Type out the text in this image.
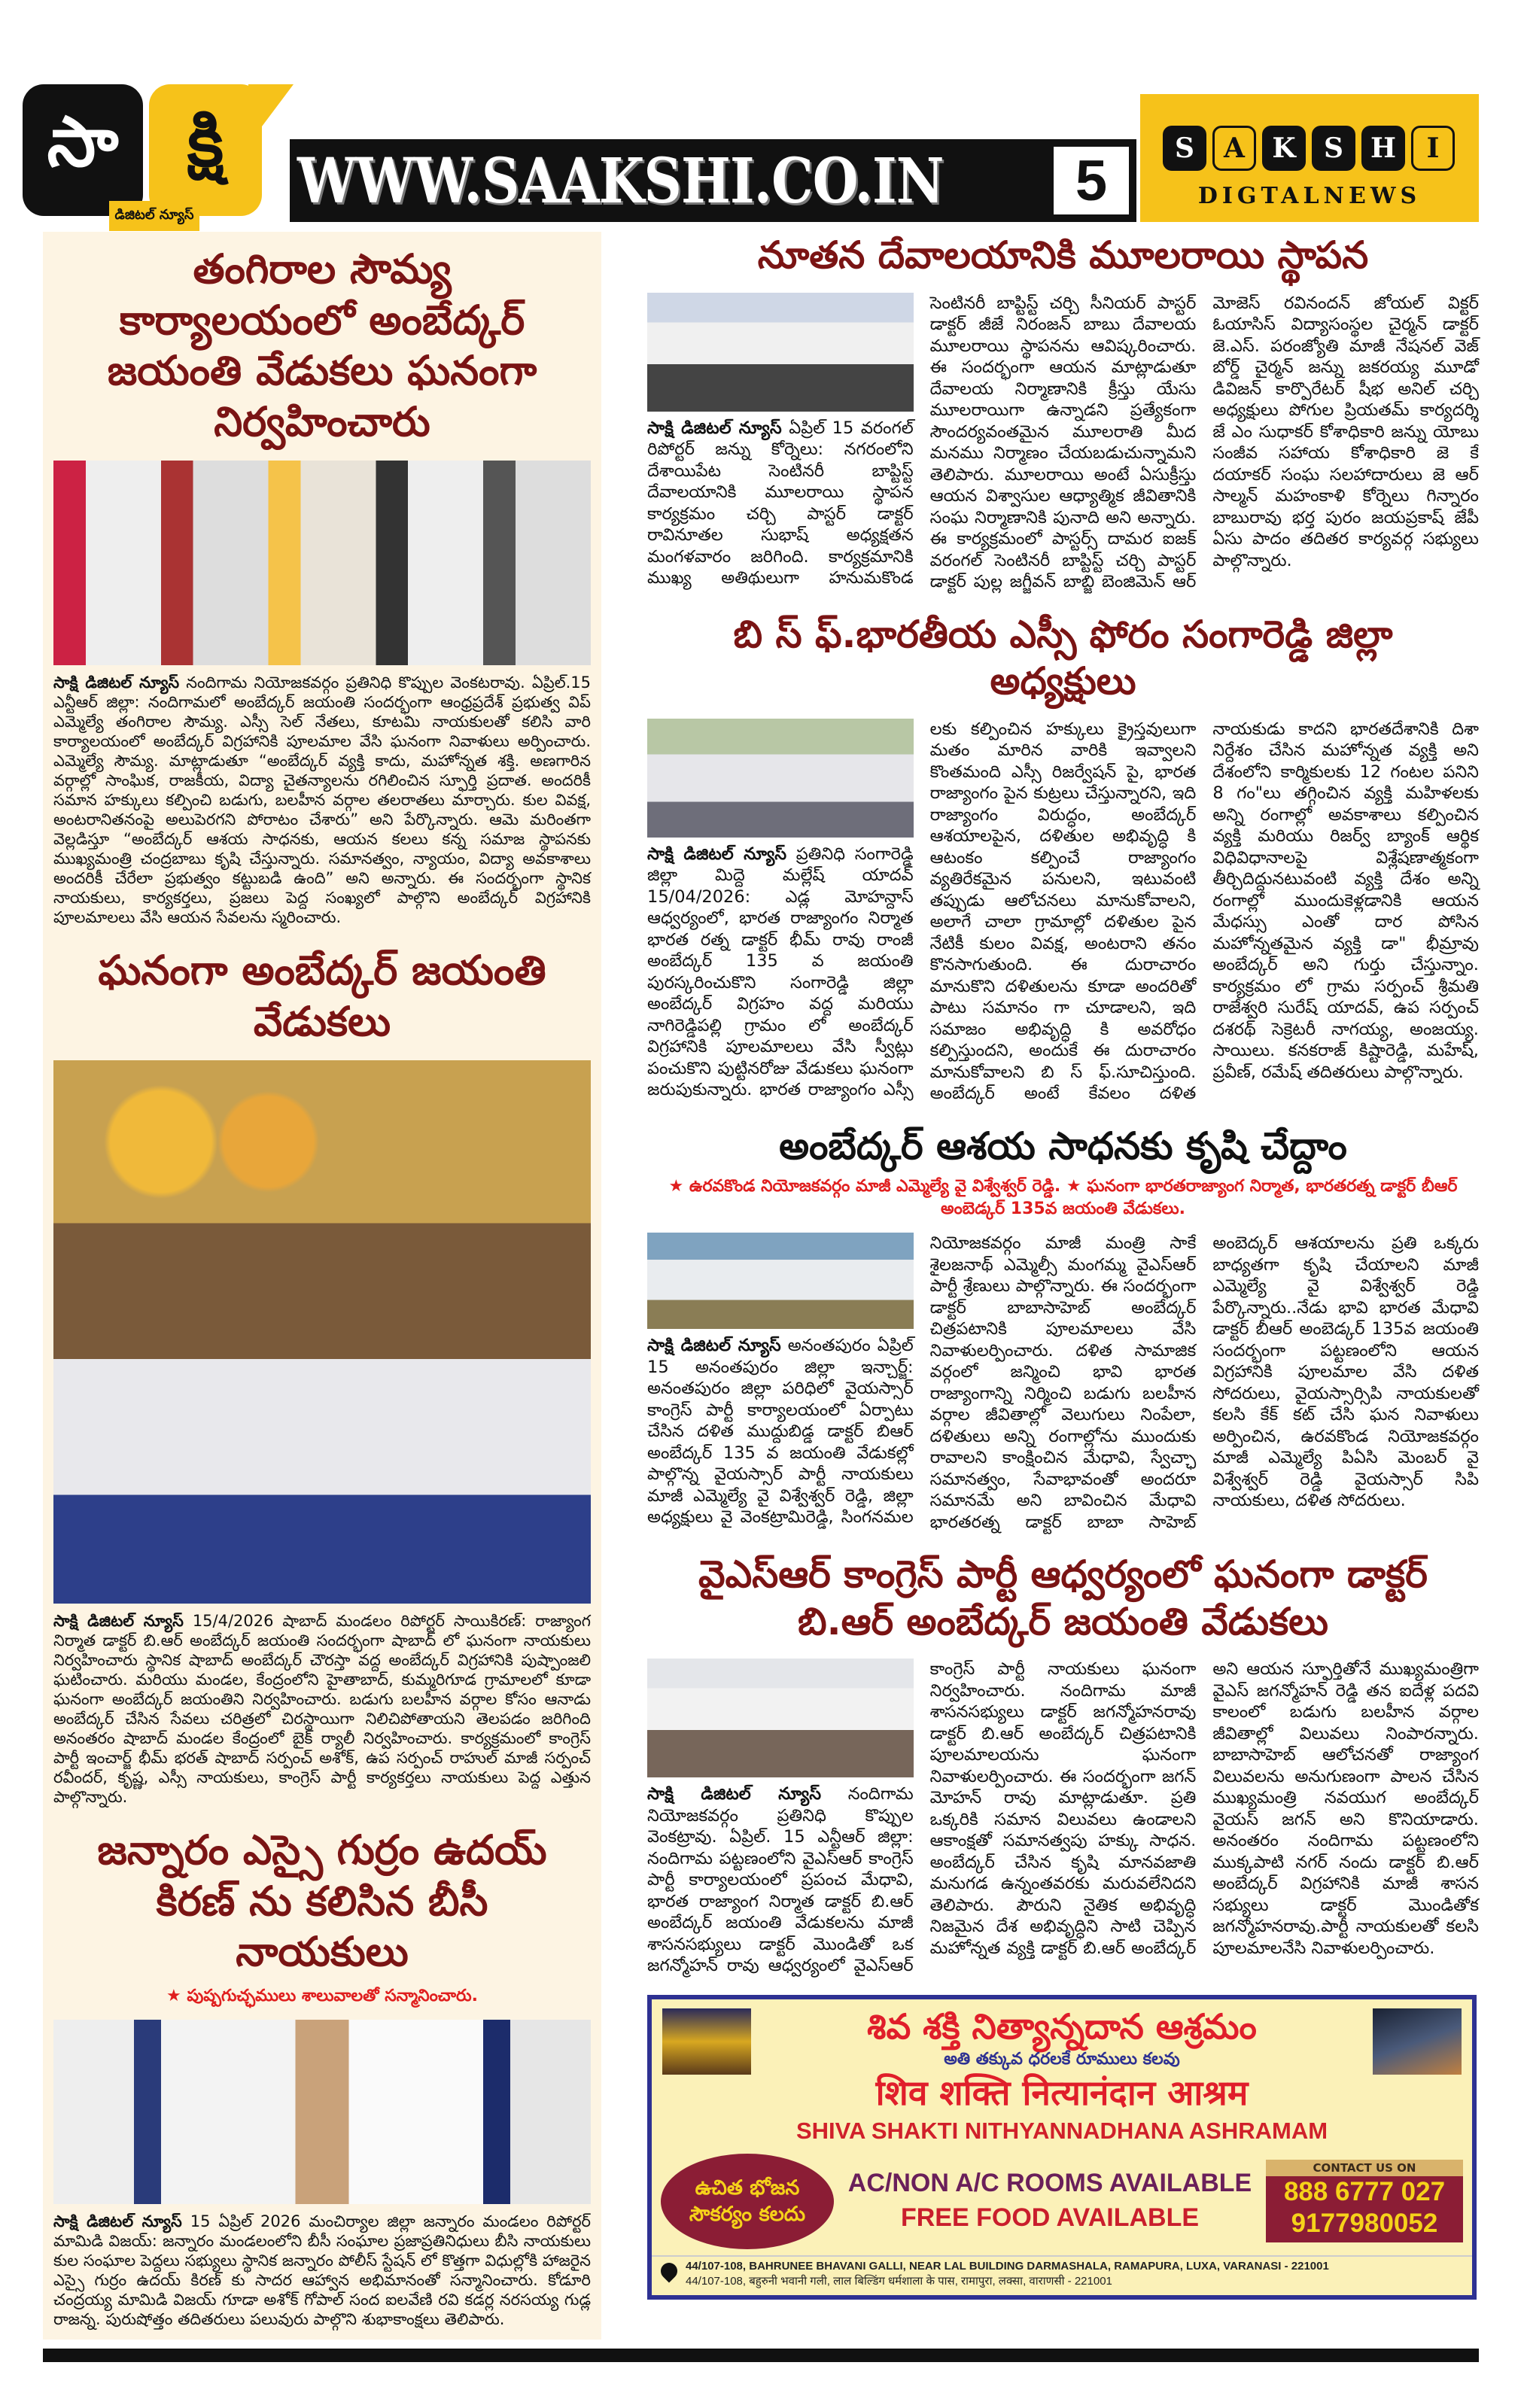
సా క్షి
డిజిటల్ న్యూస్ WWW.SAAKSHI.CO.IN	5
S	A	K	S H	I
DIGTALNEWS
తంగిరాల సౌమ్య కార్యాలయంలో అంబేద్కర్ జయంతి వేడుకలు ఘనంగా నిర్వహించారు

సాక్షి డిజిటల్ న్యూస్ నందిగామ నియోజకవర్గం ప్రతినిధి కొప్పుల వెంకటరావు. ఏప్రిల్.15 ఎన్టీఆర్ జిల్లా: నందిగామలో అంబేద్కర్ జయంతి సందర్భంగా ఆంధ్రప్రదేశ్ ప్రభుత్వ విప్ ఎమ్మెల్యే తంగిరాల సౌమ్య. ఎస్సీ సెల్ నేతలు, కూటమి నాయకులతో కలిసి వారి కార్యాలయంలో అంబేద్కర్ విగ్రహానికి పూలమాల వేసి ఘనంగా నివాళులు అర్పించారు. ఎమ్మెల్యే సౌమ్య. మాట్లాడుతూ “అంబేద్కర్ వ్యక్తి కాదు, మహోన్నత శక్తి. అణగారిన వర్గాల్లో సాంఘిక, రాజకీయ, విద్యా చైతన్యాలను రగిలించిన స్ఫూర్తి ప్రదాత. అందరికీ సమాన హక్కులు కల్పించి బడుగు, బలహీన వర్గాల తలరాతలు మార్చారు. కుల వివక్ష, అంటరానితనంపై అలుపెరగని పోరాటం చేశారు” అని పేర్కొన్నారు. ఆమె మరింతగా వెల్లడిస్తూ “అంబేద్కర్ ఆశయ సాధనకు, ఆయన కలలు కన్న సమాజ స్థాపనకు ముఖ్యమంత్రి చంద్రబాబు కృషి చేస్తున్నారు. సమానత్వం, న్యాయం, విద్యా అవకాశాలు అందరికీ చేరేలా ప్రభుత్వం కట్టుబడి ఉంది” అని అన్నారు. ఈ సందర్భంగా స్థానిక నాయకులు, కార్యకర్తలు, ప్రజలు పెద్ద సంఖ్యలో పాల్గొని అంబేద్కర్ విగ్రహానికి పూలమాలలు వేసి ఆయన సేవలను స్మరించారు.

ఘనంగా అంబేద్కర్ జయంతి వేడుకలు

సాక్షి డిజిటల్ న్యూస్ 15/4/2026 షాబాద్ మండలం రిపోర్టర్ సాయికిరణ్: రాజ్యాంగ నిర్మాత డాక్టర్ బి.ఆర్ అంబేద్కర్ జయంతి సందర్భంగా షాబాద్ లో ఘనంగా నాయకులు నిర్వహించారు స్థానిక షాబాద్ అంబేద్కర్ చౌరస్తా వద్ద అంబేద్కర్ విగ్రహానికి పుష్పాంజలి ఘటించారు. మరియు మండల, కేంద్రంలోని హైతాబాద్, కుమ్మరిగూడ గ్రామాలలో కూడా ఘనంగా అంబేద్కర్ జయంతిని నిర్వహించారు. బడుగు బలహీన వర్గాల కోసం ఆనాడు అంబేద్కర్ చేసిన సేవలు చరిత్రలో చిరస్థాయిగా నిలిచిపోతాయని తెలపడం జరిగింది అనంతరం షాబాద్ మండల కేంద్రంలో బైక్ ర్యాలీ నిర్వహించారు. కార్యక్రమంలో కాంగ్రెస్ పార్టీ ఇంచార్జ్ భీమ్ భరత్ షాబాద్ సర్పంచ్ అశోక్, ఉప సర్పంచ్ రాహుల్ మాజీ సర్పంచ్ రవీందర్, కృష్ణ, ఎస్సీ నాయకులు, కాంగ్రెస్ పార్టీ కార్యకర్తలు నాయకులు పెద్ద ఎత్తున పాల్గొన్నారు.

జన్నారం ఎస్సై గుర్రం ఉదయ్ కిరణ్ ను కలిసిన బీసీ నాయకులు
★ పుష్పగుచ్ఛములు శాలువాలతో సన్మానించారు.

సాక్షి డిజిటల్ న్యూస్ 15 ఏప్రిల్ 2026 మంచిర్యాల జిల్లా జన్నారం మండలం రిపోర్టర్ మామిడి విజయ్: జన్నారం మండలంలోని బీసీ సంఘాల ప్రజాప్రతినిధులు బీసి నాయకులు కుల సంఘాల పెద్దలు సభ్యులు స్థానిక జన్నారం పోలీస్ స్టేషన్ లో కొత్తగా విధుల్లోకి హాజరైన ఎస్సై గుర్రం ఉదయ్ కిరణ్ కు సాదర ఆహ్వాన అభిమానంతో సన్మానించారు. కోడూరి చంద్రయ్య మామిడి విజయ్ గూడా అశోక్ గోపాల్ సంద ఐలవేణి రవి కడర్ల నరసయ్య గుడ్ల రాజన్న. పురుషోత్తం తదితరులు పలువురు పాల్గొని శుభాకాంక్షలు తెలిపారు.

నూతన దేవాలయానికి మూలరాయి స్థాపన

సాక్షి డిజిటల్ న్యూస్ ఏప్రిల్ 15 వరంగల్ రిపోర్టర్ జన్ను కోర్నెలు: నగరంలోని దేశాయిపేట సెంటినరీ బాప్టిస్ట్ దేవాలయానికి మూలరాయి స్థాపన కార్యక్రమం చర్చి పాస్టర్ డాక్టర్ రావినూతల సుభాష్ అధ్యక్షతన మంగళవారం జరిగింది. కార్యక్రమానికి ముఖ్య అతిథులుగా హనుమకొండ సెంటినరీ బాప్టిస్ట్ చర్చి సీనియర్ పాస్టర్ డాక్టర్ జీజే నిరంజన్ బాబు దేవాలయ మూలరాయి స్థాపనను ఆవిష్కరించారు. ఈ సందర్భంగా ఆయన మాట్లాడుతూ దేవాలయ నిర్మాణానికి క్రీస్తు యేసు మూలరాయిగా ఉన్నాడని ప్రత్యేకంగా సౌందర్యవంతమైన మూలరాతి మీద మనము నిర్మాణం చేయబడుచున్నామని తెలిపారు. మూలరాయి అంటే ఏసుక్రీస్తు ఆయన విశ్వాసుల ఆధ్యాత్మిక జీవితానికి సంఘ నిర్మాణానికి పునాది అని అన్నారు. ఈ కార్యక్రమంలో పాస్టర్స్ దామర ఐజక్ వరంగల్ సెంటినరీ బాప్టిస్ట్ చర్చి పాస్టర్ డాక్టర్ పుల్ల జగ్జీవన్ బాబ్జి బెంజిమెన్ ఆర్ మోజెస్ రవినందన్ జోయల్ విక్టర్ ఓయాసిస్ విద్యాసంస్థల చైర్మన్ డాక్టర్ జె.ఎస్. పరంజ్యోతి మాజీ నేషనల్ వెజ్ బోర్డ్ చైర్మన్ జన్ను జకరయ్య మూడో డివిజన్ కార్పొరేటర్ షీభ అనిల్ చర్చి అధ్యక్షులు పోగుల ప్రియతమ్ కార్యదర్శి జే ఎం సుధాకర్ కోశాధికారి జన్ను యోబు సంజీవ సహాయ కోశాధికారి జె కే దయాకర్ సంఘ సలహాదారులు జె ఆర్ సాల్మన్ మహంకాళి కోర్నెలు గిన్నారం బాబురావు భర్త పురం జయప్రకాష్ జేపీ ఏసు పాదం తదితర కార్యవర్గ సభ్యులు పాల్గొన్నారు.

బి స్ ఫ్.భారతీయ ఎస్సీ ఫోరం సంగారెడ్డి జిల్లా అధ్యక్షులు

సాక్షి డిజిటల్ న్యూస్ ప్రతినిధి సంగారెడ్డి జిల్లా మిద్దె మల్లేష్ యాదవ్ 15/04/2026: ఎడ్ల మోహన్దాస్ ఆధ్వర్యంలో, భారత రాజ్యాంగం నిర్మాత భారత రత్న డాక్టర్ భీమ్ రావు రాంజీ అంబేద్కర్ 135 వ జయంతి పురస్కరించుకొని సంగారెడ్డి జిల్లా అంబేద్కర్ విగ్రహం వద్ద మరియు నాగిరెడ్డిపల్లి గ్రామం లో అంబేద్కర్ విగ్రహానికి పూలమాలలు వేసి స్వీట్లు పంచుకొని పుట్టినరోజు వేడుకలు ఘనంగా జరుపుకున్నారు. భారత రాజ్యాంగం ఎస్సీ లకు కల్పించిన హక్కులు క్రైస్తవులుగా మతం మారిన వారికి ఇవ్వాలని కొంతమంది ఎస్సీ రిజర్వేషన్ పై, భారత రాజ్యాంగం పైన కుట్రలు చేస్తున్నారని, ఇది రాజ్యాంగం విరుద్ధం, అంబేద్కర్ ఆశయాలపైన, దళితుల అభివృద్ధి కి ఆటంకం కల్పించే రాజ్యాంగం వ్యతిరేకమైన పనులని, ఇటువంటి తప్పుడు ఆలోచనలు మానుకోవాలని, అలాగే చాలా గ్రామాల్లో దళితుల పైన నేటికీ కులం వివక్ష, అంటరాని తనం కొనసాగుతుంది. ఈ దురాచారం మానుకొని దళితులను కూడా అందరితో పాటు సమానం గా చూడాలని, ఇది సమాజం అభివృద్ధి కి అవరోధం కల్పిస్తుందని, అందుకే ఈ దురాచారం మానుకోవాలని బి స్ ఫ్.సూచిస్తుంది. అంబేద్కర్ అంటే కేవలం దళిత నాయకుడు కాదని భారతదేశానికి దిశా నిర్దేశం చేసిన మహోన్నత వ్యక్తి అని దేశంలోని కార్మికులకు 12 గంటల పనిని 8 గం"లు తగ్గించిన వ్యక్తి మహిళలకు అన్ని రంగాల్లో అవకాశాలు కల్పించిన వ్యక్తి మరియు రిజర్వ్ బ్యాంక్ ఆర్థిక విధివిధానాలపై విశ్లేషణాత్మకంగా తీర్చిదిద్దునటువంటి వ్యక్తి దేశం అన్ని రంగాల్లో ముందుకెళ్లడానికి ఆయన మేధస్సు ఎంతో దార పోసిన మహోన్నతమైన వ్యక్తి డా" భీమ్రావు అంబేద్కర్ అని గుర్తు చేస్తున్నాం. కార్యక్రమం లో గ్రామ సర్పంచ్ శ్రీమతి రాజేశ్వరి సురేష్ యాదవ్, ఉప సర్పంచ్ దశరథ్ సెక్రెటరీ నాగయ్య, అంజయ్య. సాయిలు. కనకరాజ్ కిష్టారెడ్డి, మహేష్, ప్రవీణ్, రమేష్ తదితరులు పాల్గొన్నారు.

అంబేద్కర్ ఆశయ సాధనకు కృషి చేద్దాం
★ ఉరవకొండ నియోజకవర్గం మాజీ ఎమ్మెల్యే వై విశ్వేశ్వర్ రెడ్డి. ★ ఘనంగా భారతరాజ్యాంగ నిర్మాత, భారతరత్న డాక్టర్ బీఆర్ అంబెడ్కర్ 135వ జయంతి వేడుకలు.

సాక్షి డిజిటల్ న్యూస్ అనంతపురం ఏప్రిల్ 15 అనంతపురం జిల్లా ఇన్చార్జ్: అనంతపురం జిల్లా పరిధిలో వైయస్సార్ కాంగ్రెస్ పార్టీ కార్యాలయంలో ఏర్పాటు చేసిన దళిత ముద్దుబిడ్డ డాక్టర్ బిఆర్ అంబేద్కర్ 135 వ జయంతి వేడుకల్లో పాల్గొన్న వైయస్సార్ పార్టీ నాయకులు మాజీ ఎమ్మెల్యే వై విశ్వేశ్వర్ రెడ్డి, జిల్లా అధ్యక్షులు వై వెంకట్రామిరెడ్డి, సింగనమల నియోజకవర్గం మాజీ మంత్రి సాకే శైలజనాథ్ ఎమ్మెల్సీ మంగమ్మ వైఎస్ఆర్ పార్టీ శ్రేణులు పాల్గొన్నారు. ఈ సందర్భంగా డాక్టర్ బాబాసాహెబ్ అంబేద్కర్ చిత్రపటానికి పూలమాలలు వేసి నివాళులర్పించారు. దళిత సామాజిక వర్గంలో జన్మించి భావి భారత రాజ్యాంగాన్ని నిర్మించి బడుగు బలహీన వర్గాల జీవితాల్లో వెలుగులు నింపేలా, దళితులు అన్ని రంగాల్లోను ముందుకు రావాలని కాంక్షించిన మేధావి, స్వేచ్ఛా సమానత్వం, సేవాభావంతో అందరూ సమానమే అని బావించిన మేధావి భారతరత్న డాక్టర్ బాబా సాహెబ్ అంబెద్కర్ ఆశయాలను ప్రతి ఒక్కరు బాధ్యతగా కృషి చేయాలని మాజీ ఎమ్మెల్యే వై విశ్వేశ్వర్ రెడ్డి పేర్కొన్నారు..నేడు భావి భారత మేధావి డాక్టర్ బీఆర్ అంబెడ్కర్ 135వ జయంతి సందర్భంగా పట్టణంలోని ఆయన విగ్రహానికి పూలమాల వేసి దళిత సోదరులు, వైయస్సార్సిపి నాయకులతో కలసి కేక్ కట్ చేసి ఘన నివాళులు అర్పించిన, ఉరవకొండ నియోజకవర్గం మాజీ ఎమ్మెల్యే పిఏసి మెంబర్ వై విశ్వేశ్వర్ రెడ్డి వైయస్సార్ సిపి నాయకులు, దళిత సోదరులు.

వైఎస్ఆర్ కాంగ్రెస్ పార్టీ ఆధ్వర్యంలో ఘనంగా డాక్టర్ బి.ఆర్ అంబేద్కర్ జయంతి వేడుకలు

సాక్షి డిజిటల్ న్యూస్ నందిగామ నియోజకవర్గం ప్రతినిధి కొప్పుల వెంకట్రావు. ఏప్రిల్. 15 ఎన్టీఆర్ జిల్లా: నందిగామ పట్టణంలోని వైఎస్ఆర్ కాంగ్రెస్ పార్టీ కార్యాలయంలో ప్రపంచ మేధావి, భారత రాజ్యాంగ నిర్మాత డాక్టర్ బి.ఆర్ అంబేద్కర్ జయంతి వేడుకలను మాజీ శాసనసభ్యులు డాక్టర్ మొండితో ఒక జగన్మోహన్ రావు ఆధ్వర్యంలో వైఎస్ఆర్ కాంగ్రెస్ పార్టీ నాయకులు ఘనంగా నిర్వహించారు. నందిగామ మాజీ శాసనసభ్యులు డాక్టర్ జగన్మోహనరావు డాక్టర్ బి.ఆర్ అంబేద్కర్ చిత్రపటానికి పూలమాలయను ఘనంగా నివాళులర్పించారు. ఈ సందర్భంగా జగన్ మోహన్ రావు మాట్లాడుతూ. ప్రతి ఒక్కరికి సమాన విలువలు ఉండాలని ఆకాంక్షతో సమానత్వపు హక్కు సాధన. అంబేద్కర్ చేసిన కృషి మానవజాతి మనుగడ ఉన్నంతవరకు మరువలేనిదని తెలిపారు. పౌరుని నైతిక అభివృద్ధి నిజమైన దేశ అభివృద్ధిని సాటి చెప్పిన మహోన్నత వ్యక్తి డాక్టర్ బి.ఆర్ అంబేద్కర్ అని ఆయన స్ఫూర్తితోనే ముఖ్యమంత్రిగా వైఎస్ జగన్మోహన్ రెడ్డి తన ఐదేళ్ల పదవి కాలంలో బడుగు బలహీన వర్గాల జీవితాల్లో విలువలు నింపారన్నారు. బాబాసాహెబ్ ఆలోచనతో రాజ్యాంగ విలువలను అనుగుణంగా పాలన చేసిన ముఖ్యమంత్రి నవయుగ అంబేద్కర్ వైయస్ జగన్ అని కొనియాడారు. అనంతరం నందిగామ పట్టణంలోని ముక్కపాటి నగర్ నందు డాక్టర్ బి.ఆర్ అంబేద్కర్ విగ్రహానికి మాజీ శాసన సభ్యులు డాక్టర్ మొండితోక జగన్మోహనరావు.పార్టీ నాయకులతో కలసి పూలమాలనేసి నివాళులర్పించారు.

శివ శక్తి నిత్యాన్నదాన ఆశ్రమం
అతి తక్కువ ధరలకే రూములు కలవు
शिव शक्ति नित्यानंदान आश्रम
SHIVA SHAKTI NITHYANNADHANA ASHRAMAM
ఉచిత భోజన
సౌకర్యం కలదు
AC/NON A/C ROOMS AVAILABLE
FREE FOOD AVAILABLE
CONTACT US ON
888 6777 027
9177980052
44/107-108, BAHRUNEE BHAVANI GALLI, NEAR LAL BUILDING DARMASHALA, RAMAPURA, LUXA, VARANASI - 221001
44/107-108, बहुरुनी भवानी गली, लाल बिल्डिंग धर्मशाला के पास, रामापुरा, लक्सा, वाराणसी - 221001
